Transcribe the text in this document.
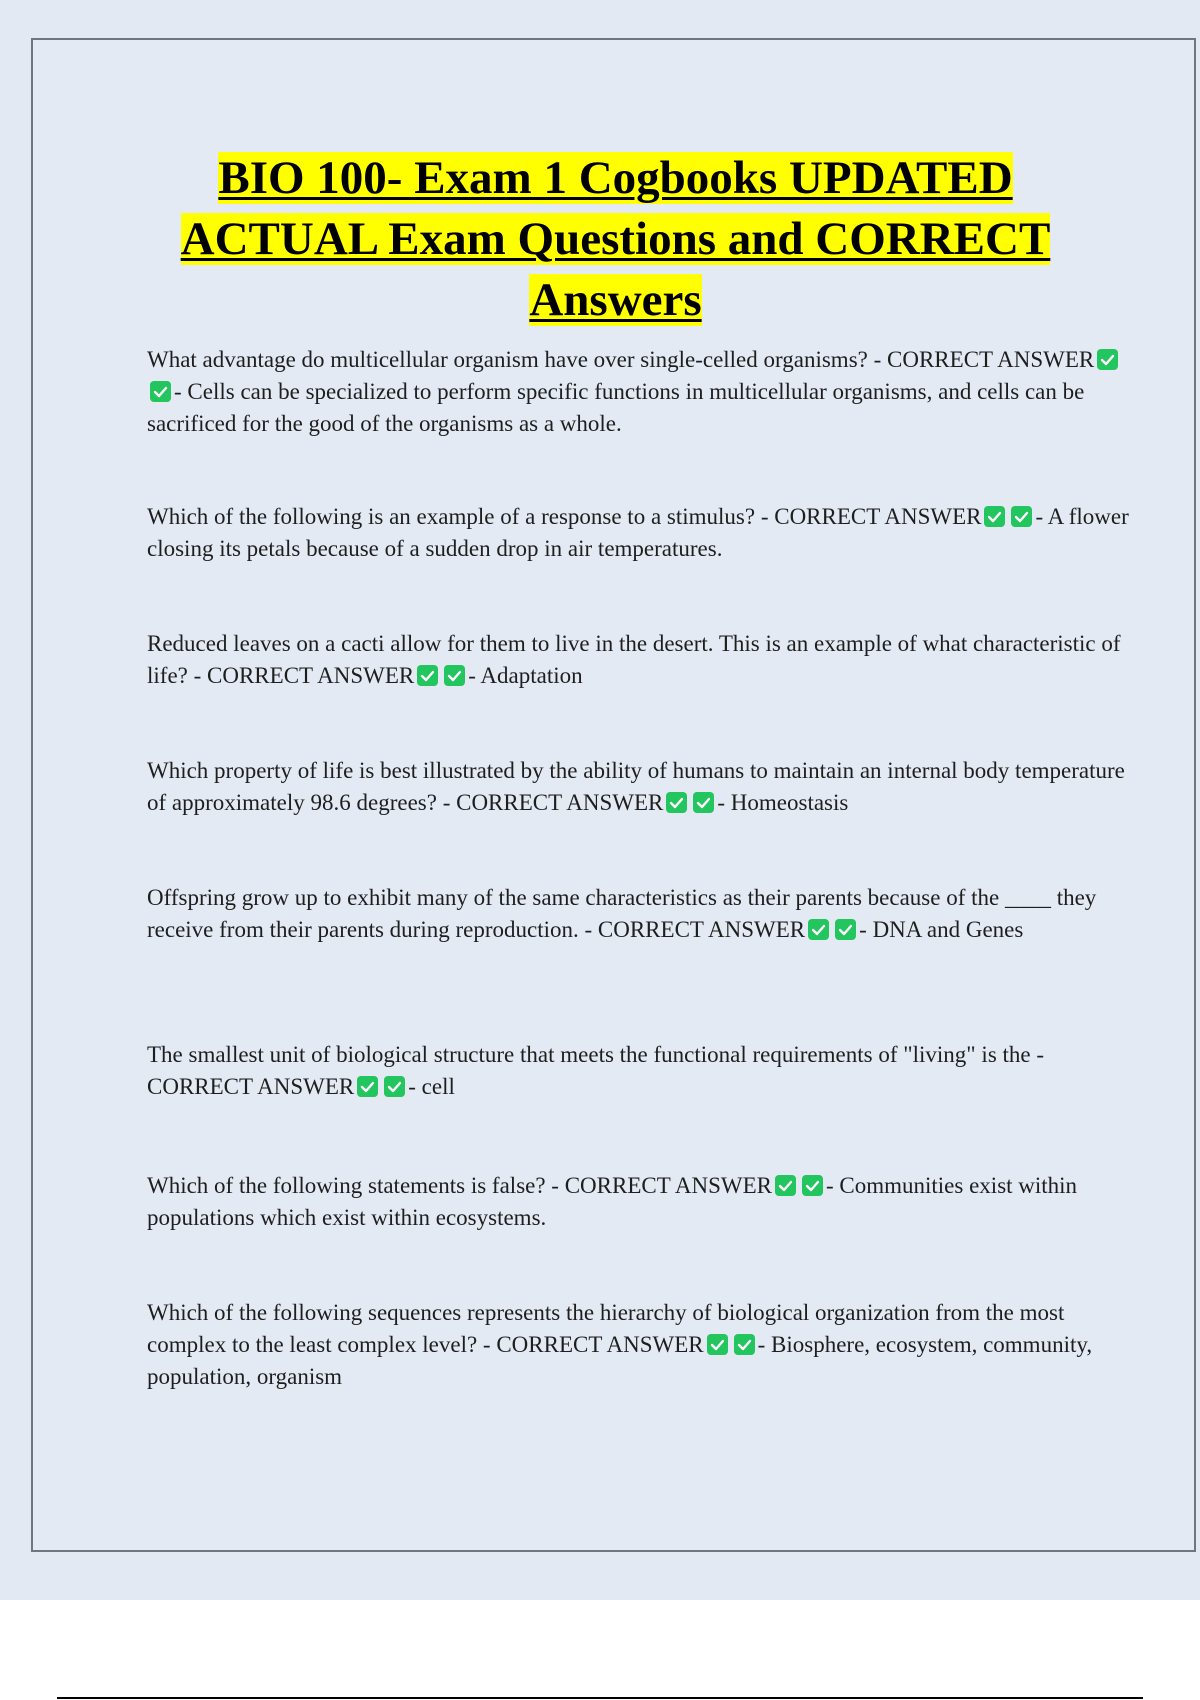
BIO 100- Exam 1 Cogbooks UPDATED
ACTUAL Exam Questions and CORRECT
Answers

What advantage do multicellular organism have over single-celled organisms? - CORRECT ANSWER
- Cells can be specialized to perform specific functions in multicellular organisms, and cells can be sacrificed for the good of the organisms as a whole.

Which of the following is an example of a response to a stimulus? - CORRECT ANSWER - A flower closing its petals because of a sudden drop in air temperatures.

Reduced leaves on a cacti allow for them to live in the desert. This is an example of what characteristic of life? - CORRECT ANSWER - Adaptation

Which property of life is best illustrated by the ability of humans to maintain an internal body temperature of approximately 98.6 degrees? - CORRECT ANSWER - Homeostasis

Offspring grow up to exhibit many of the same characteristics as their parents because of the ____ they receive from their parents during reproduction. - CORRECT ANSWER - DNA and Genes

The smallest unit of biological structure that meets the functional requirements of "living" is the - CORRECT ANSWER - cell

Which of the following statements is false? - CORRECT ANSWER - Communities exist within populations which exist within ecosystems.

Which of the following sequences represents the hierarchy of biological organization from the most complex to the least complex level? - CORRECT ANSWER - Biosphere, ecosystem, community, population, organism
